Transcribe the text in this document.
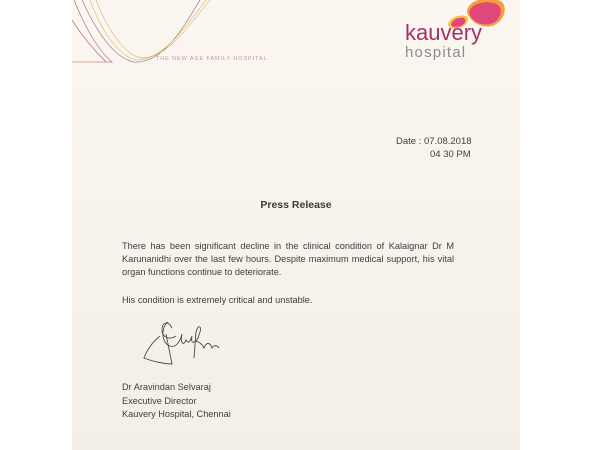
THE NEW AGE FAMILY HOSPITAL
kauvery
hospital
Date : 07.08.2018
04 30 PM
Press Release

There has been significant decline in the clinical condition of Kalaignar Dr M Karunanidhi over the last few hours. Despite maximum medical support, his vital organ functions continue to deteriorate.

His condition is extremely critical and unstable.

Dr Aravindan Selvaraj
Executive Director
Kauvery Hospital, Chennai
